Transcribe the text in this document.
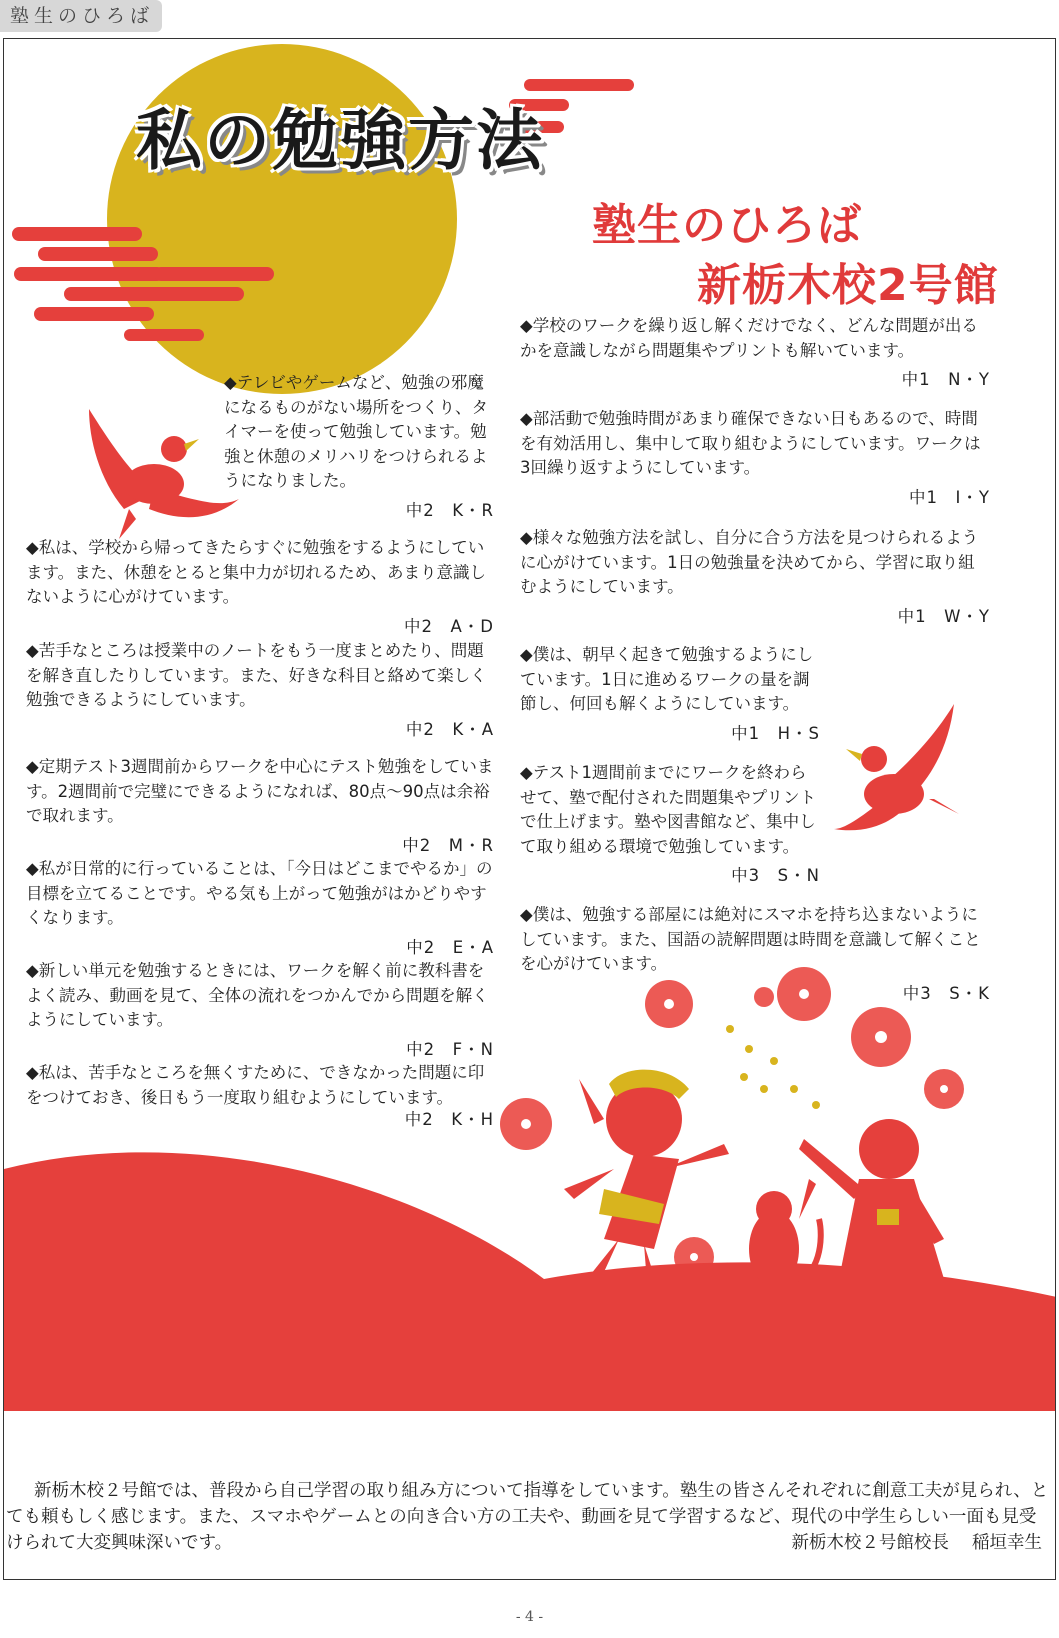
塾生のひろば
私の勉強方法
塾生のひろば
新栃木校2号館
◆テレビやゲームなど、勉強の邪魔になるものがない場所をつくり、タイマーを使って勉強しています。勉強と休憩のメリハリをつけられるようになりました。
中2　K・R
◆私は、学校から帰ってきたらすぐに勉強をするようにしています。また、休憩をとると集中力が切れるため、あまり意識しないように心がけています。
中2　A・D
◆苦手なところは授業中のノートをもう一度まとめたり、問題を解き直したりしています。また、好きな科目と絡めて楽しく勉強できるようにしています。
中2　K・A
◆定期テスト3週間前からワークを中心にテスト勉強をしています。2週間前で完璧にできるようになれば、80点～90点は余裕で取れます。
中2　M・R
◆私が日常的に行っていることは、「今日はどこまでやるか」の目標を立てることです。やる気も上がって勉強がはかどりやすくなります。
中2　E・A
◆新しい単元を勉強するときには、ワークを解く前に教科書をよく読み、動画を見て、全体の流れをつかんでから問題を解くようにしています。
中2　F・N
◆私は、苦手なところを無くすために、できなかった問題に印をつけておき、後日もう一度取り組むようにしています。
中2　K・H
◆学校のワークを繰り返し解くだけでなく、どんな問題が出るかを意識しながら問題集やプリントも解いています。
中1　N・Y
◆部活動で勉強時間があまり確保できない日もあるので、時間を有効活用し、集中して取り組むようにしています。ワークは3回繰り返すようにしています。
中1　I・Y
◆様々な勉強方法を試し、自分に合う方法を見つけられるように心がけています。1日の勉強量を決めてから、学習に取り組むようにしています。
中1　W・Y
◆僕は、朝早く起きて勉強するようにしています。1日に進めるワークの量を調節し、何回も解くようにしています。
中1　H・S
◆テスト1週間前までにワークを終わらせて、塾で配付された問題集やプリントで仕上げます。塾や図書館など、集中して取り組める環境で勉強しています。
中3　S・N
◆僕は、勉強する部屋には絶対にスマホを持ち込まないようにしています。また、国語の読解問題は時間を意識して解くことを心がけています。
中3　S・K
新栃木校２号館では、普段から自己学習の取り組み方について指導をしています。塾生の皆さんそれぞれに創意工夫が見られ、とても頼もしく感じます。また、スマホやゲームとの向き合い方の工夫や、動画を見て学習するなど、現代の中学生らしい一面も見受けられて大変興味深いです。	新栃木校２号館校長　 稲垣幸生
- 4 -
